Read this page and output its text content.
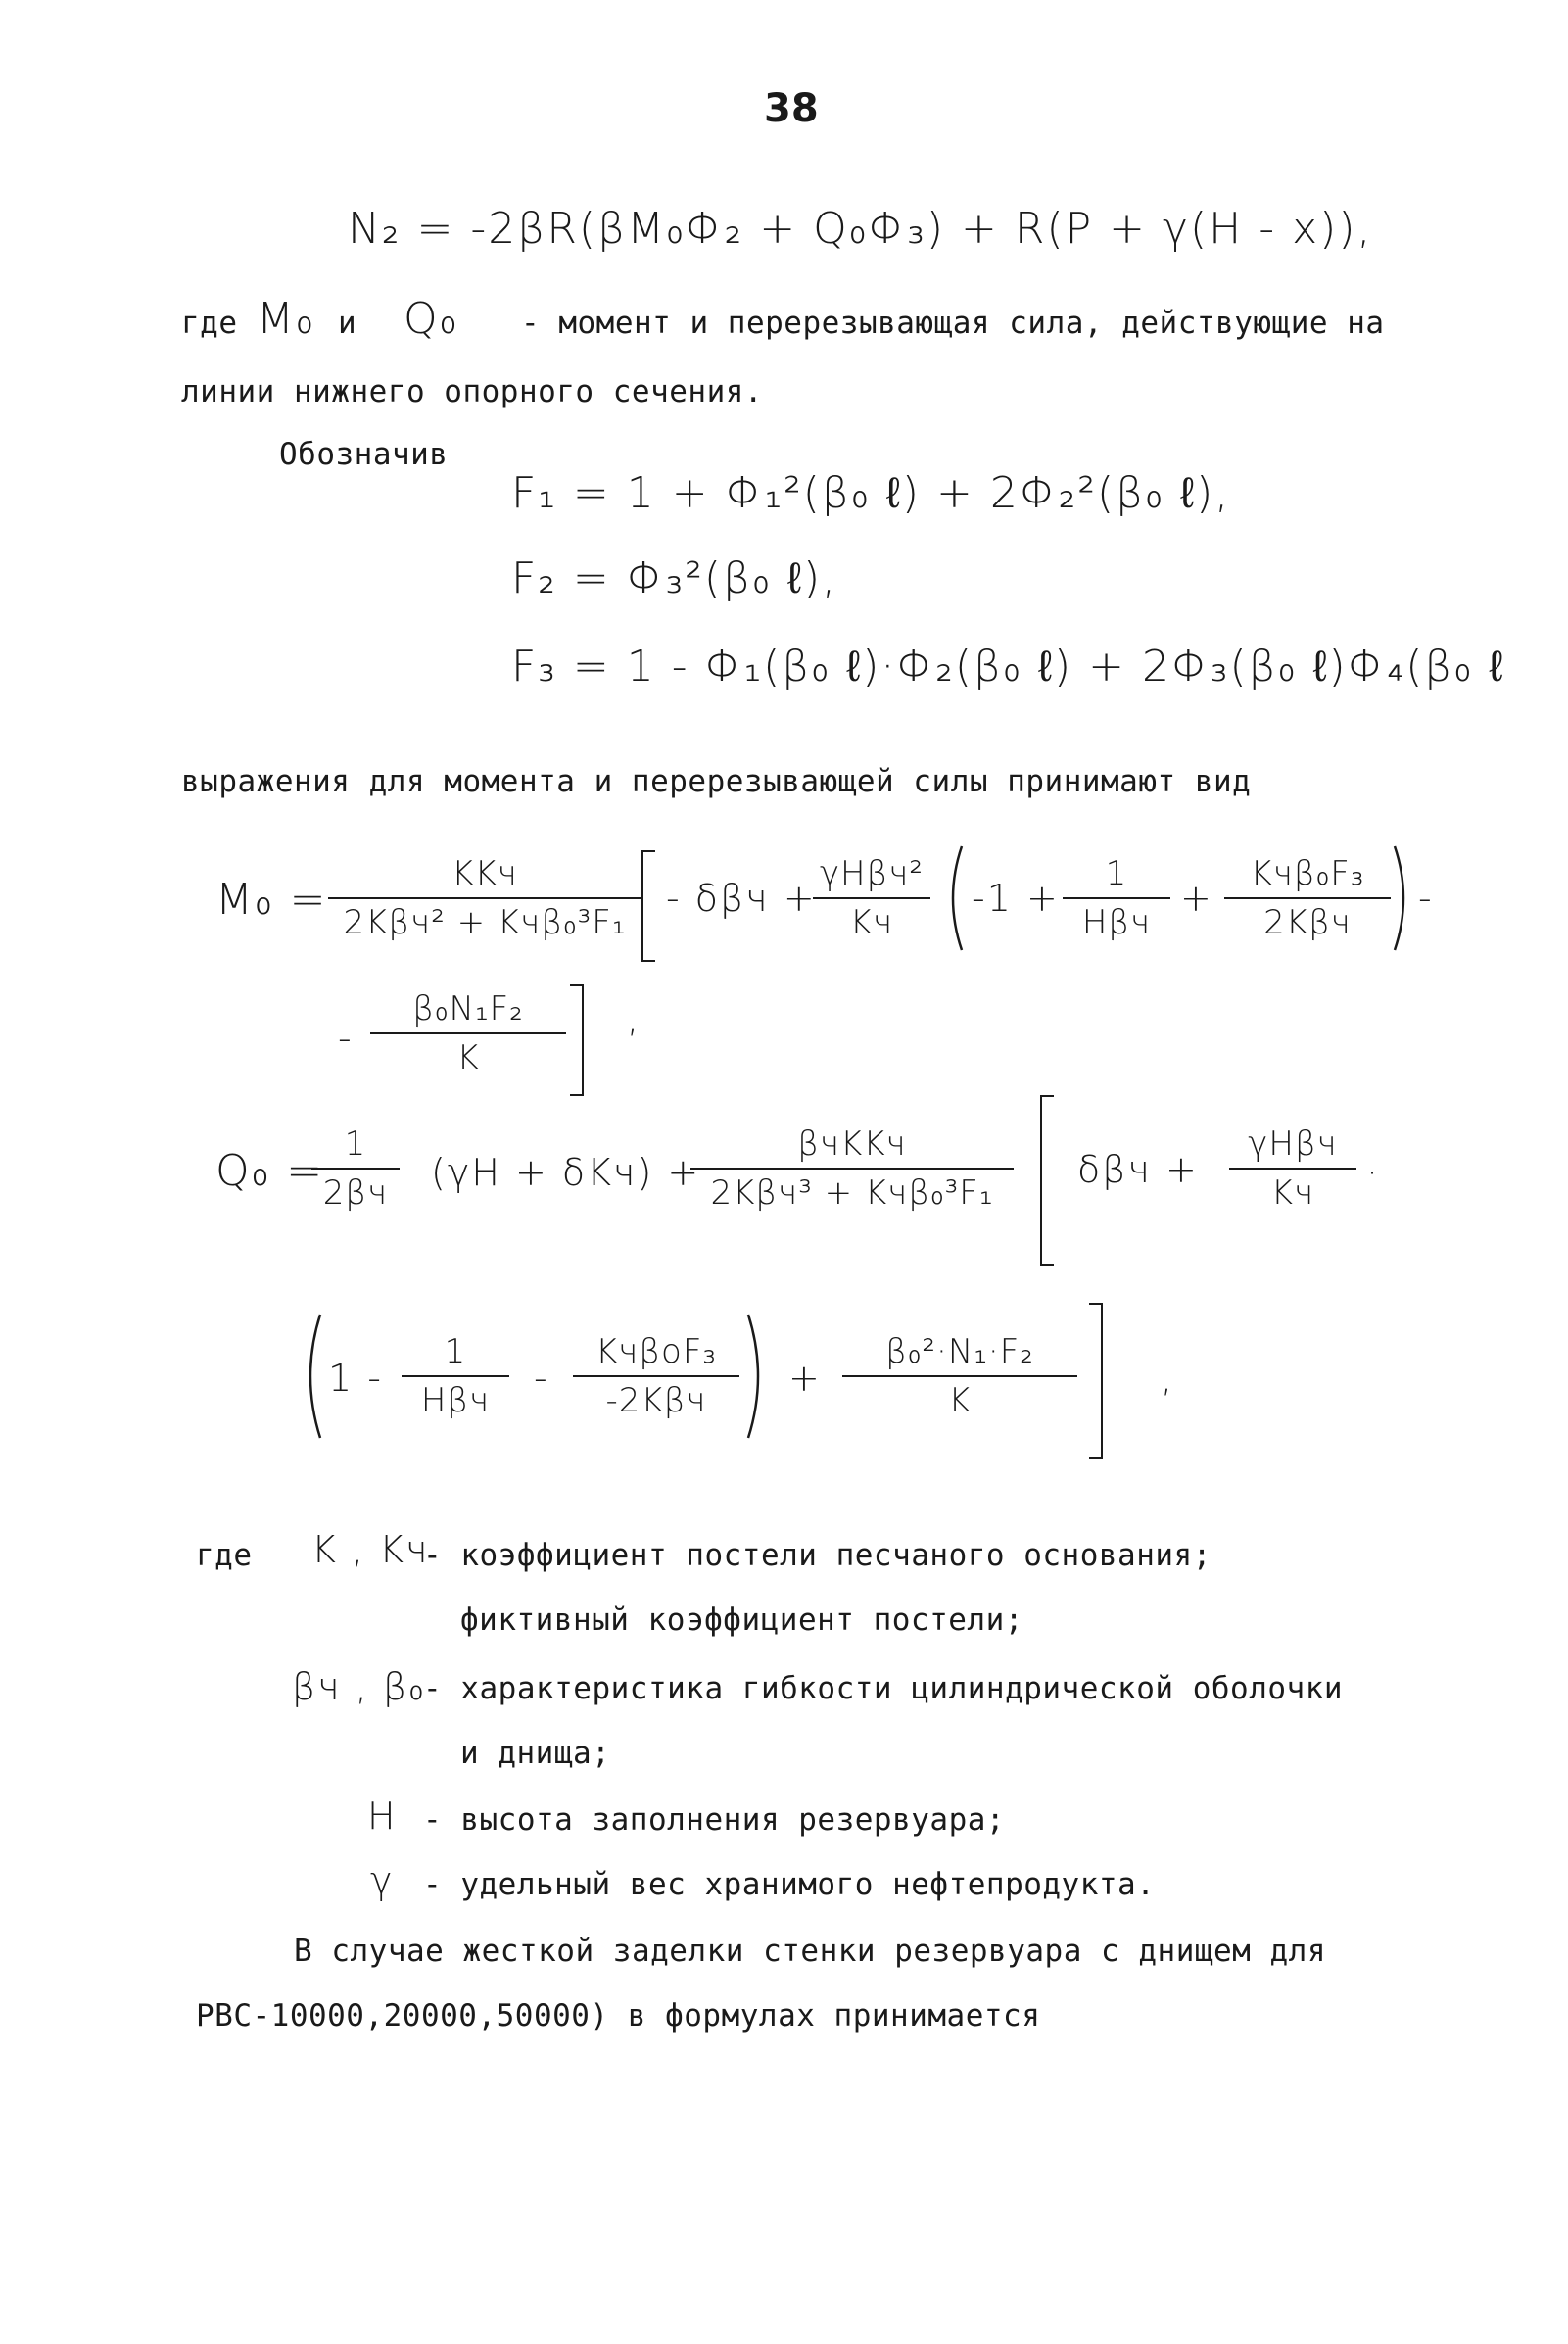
38
N₂ = -2βR(βM₀Φ₂ + Q₀Φ₃) + R(P + γ(H - x)),
где M₀ и Q₀ - момент и перерезывающая сила, действующие на
линии нижнего опорного сечения.
Обозначив
F₁ = 1 + Φ₁²(β₀ ℓ) + 2Φ₂²(β₀ ℓ),
F₂ = Φ₃²(β₀ ℓ),
F₃ = 1 - Φ₁(β₀ ℓ)·Φ₂(β₀ ℓ) + 2Φ₃(β₀ ℓ)Φ₄(β₀ ℓ
выражения для момента и перерезывающей силы принимают вид
M₀ =
KKч
2Kβч² + Kчβ₀³F₁
- δβч +
γHβч²
Kч
-1 +
1
Hβч
+
Kчβ₀F₃
2Kβч
-
-
β₀N₁F₂
K
,
Q₀ =
1
2βч (γH + δKч) +
βчKKч
2Kβч³ + Kчβ₀³F₁
δβч +
γHβч
Kч ·
1 -
1
Hβч
-
KчβоF₃
-2Kβч
+
β₀²·N₁·F₂
K
,
где K , Kч
- коэффициент постели песчаного основания;
фиктивный коэффициент постели;
βч , β₀
- характеристика гибкости цилиндрической оболочки
и днища;
H - высота заполнения резервуара;
γ - удельный вес хранимого нефтепродукта.
В случае жесткой заделки стенки резервуара с днищем для
РВС-10000,20000,50000) в формулах принимается
